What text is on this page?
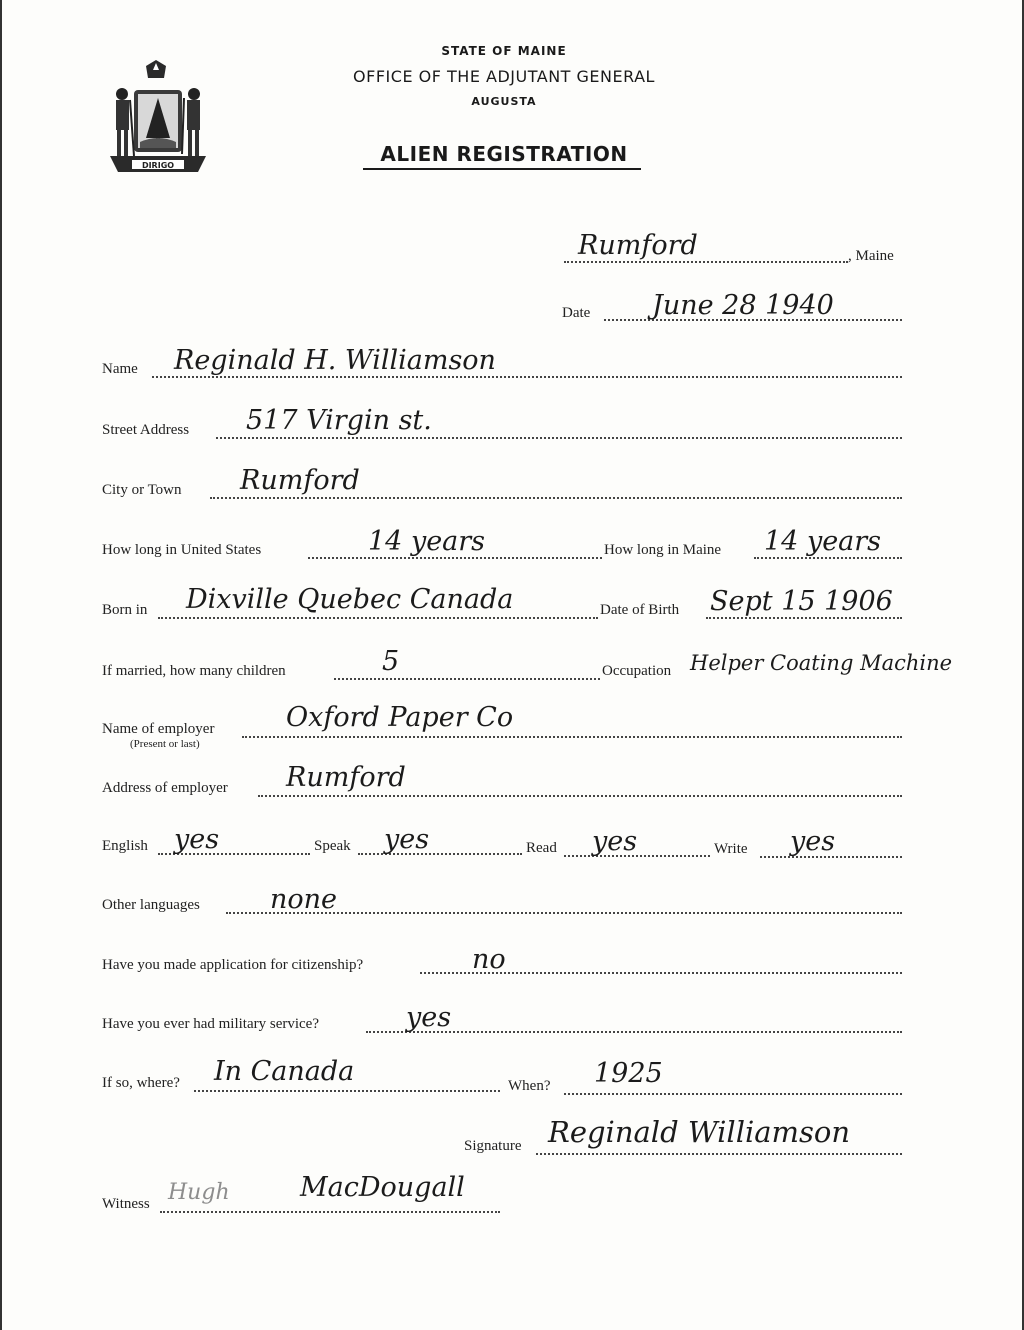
DIRIGO
STATE OF MAINE
OFFICE OF THE ADJUTANT GENERAL
AUGUSTA
ALIEN REGISTRATION
Rumford	, Maine
Date June 28 1940
Name Reginald H. Williamson
Street Address 517 Virgin st.
City or Town Rumford
How long in United States	14 years	How long in Maine 14 years
Born in Dixville Quebec Canada	Date of Birth Sept 15 1906
If married, how many children	5	Occupation Helper Coating Machine
Name of employer
(Present or last)
Oxford Paper Co
Address of employer Rumford
English yes	Speak yes	Read yes	Write yes
Other languages	none
Have you made application for citizenship?	no
Have you ever had military service?	yes
If so, where? In Canada	When? 1925
Signature Reginald Williamson
Witness Hugh	MacDougall
